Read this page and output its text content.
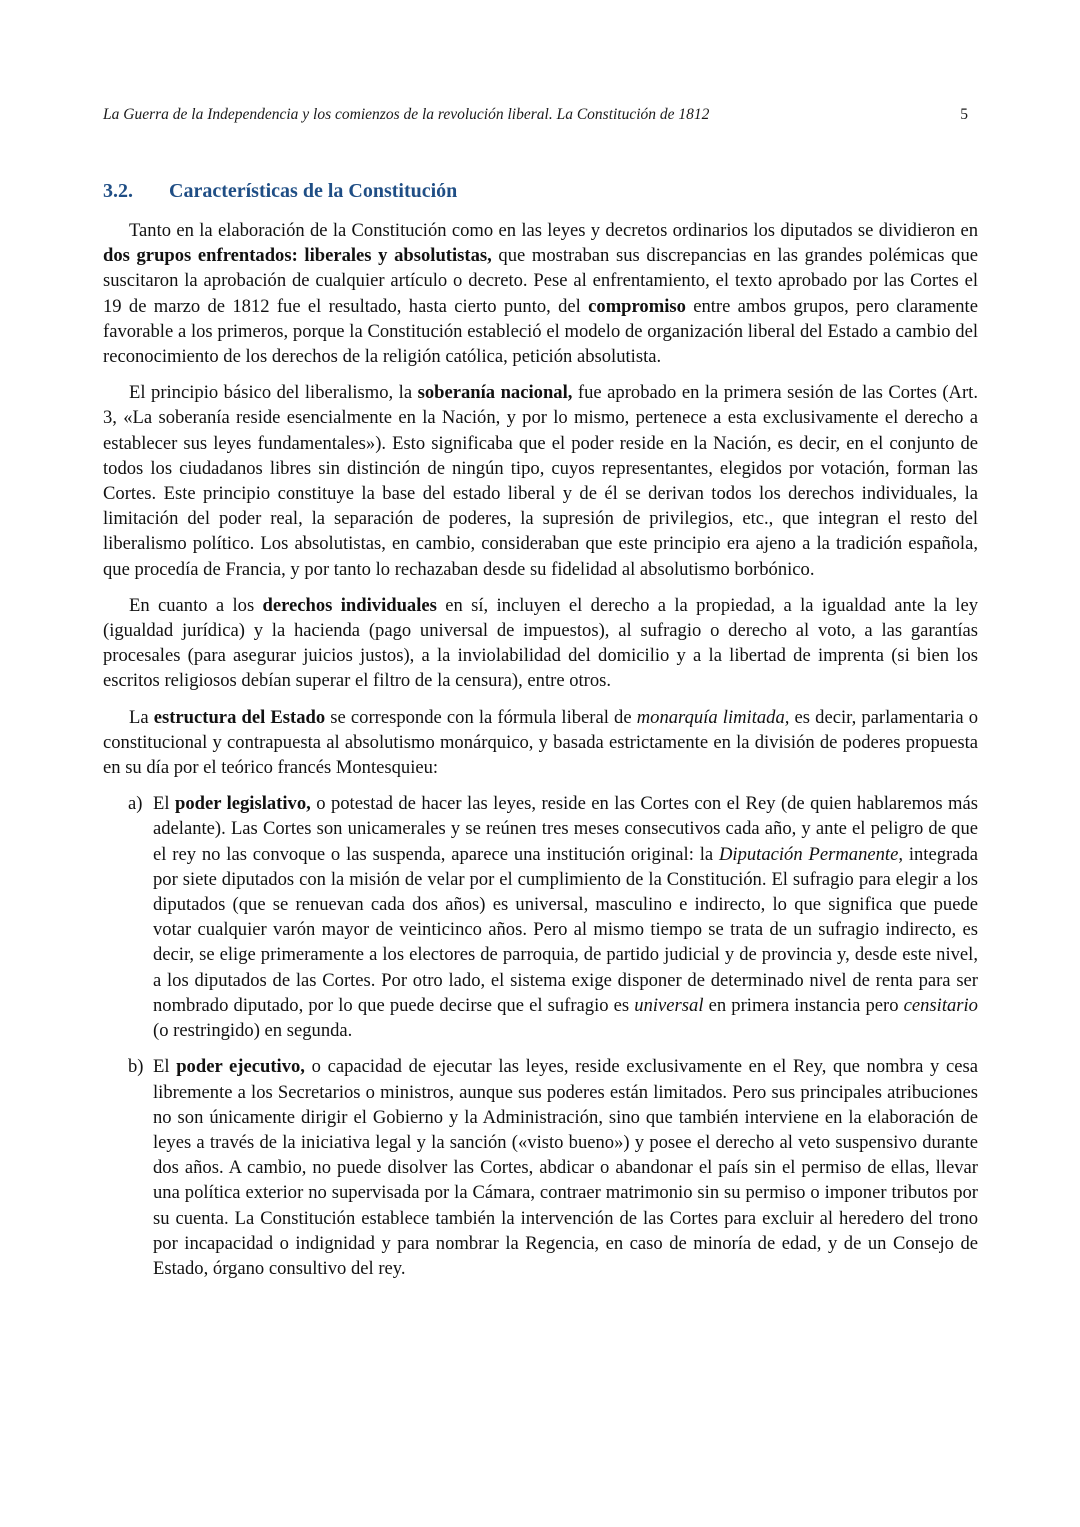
La Guerra de la Independencia y los comienzos de la revolución liberal. La Constitución de 1812	5
3.2.	Características de la Constitución

Tanto en la elaboración de la Constitución como en las leyes y decretos ordinarios los diputados se dividieron en dos grupos enfrentados: liberales y absolutistas, que mostraban sus discrepancias en las grandes polémicas que suscitaron la aprobación de cualquier artículo o decreto. Pese al enfrentamiento, el texto aprobado por las Cortes el 19 de marzo de 1812 fue el resultado, hasta cierto punto, del compromiso entre ambos grupos, pero claramente favorable a los primeros, porque la Constitución estableció el modelo de organización liberal del Estado a cambio del reconocimiento de los derechos de la religión católica, petición absolutista.

El principio básico del liberalismo, la soberanía nacional, fue aprobado en la primera sesión de las Cortes (Art. 3, «La soberanía reside esencialmente en la Nación, y por lo mismo, pertenece a esta exclusivamente el derecho a establecer sus leyes fundamentales»). Esto significaba que el poder reside en la Nación, es decir, en el conjunto de todos los ciudadanos libres sin distinción de ningún tipo, cuyos representantes, elegidos por votación, forman las Cortes. Este principio constituye la base del estado liberal y de él se derivan todos los derechos individuales, la limitación del poder real, la separación de poderes, la supresión de privilegios, etc., que integran el resto del liberalismo político. Los absolutistas, en cambio, consideraban que este principio era ajeno a la tradición española, que procedía de Francia, y por tanto lo rechazaban desde su fidelidad al absolutismo borbónico.

En cuanto a los derechos individuales en sí, incluyen el derecho a la propiedad, a la igualdad ante la ley (igualdad jurídica) y la hacienda (pago universal de impuestos), al sufragio o derecho al voto, a las garantías procesales (para asegurar juicios justos), a la inviolabilidad del domicilio y a la libertad de imprenta (si bien los escritos religiosos debían superar el filtro de la censura), entre otros.

La estructura del Estado se corresponde con la fórmula liberal de monarquía limitada, es decir, parlamentaria o constitucional y contrapuesta al absolutismo monárquico, y basada estrictamente en la división de poderes propuesta en su día por el teórico francés Montesquieu:

a) El poder legislativo, o potestad de hacer las leyes, reside en las Cortes con el Rey (de quien hablaremos más adelante). Las Cortes son unicamerales y se reúnen tres meses consecutivos cada año, y ante el peligro de que el rey no las convoque o las suspenda, aparece una institución original: la Diputación Permanente, integrada por siete diputados con la misión de velar por el cumplimiento de la Constitución. El sufragio para elegir a los diputados (que se renuevan cada dos años) es universal, masculino e indirecto, lo que significa que puede votar cualquier varón mayor de veinticinco años. Pero al mismo tiempo se trata de un sufragio indirecto, es decir, se elige primeramente a los electores de parroquia, de partido judicial y de provincia y, desde este nivel, a los diputados de las Cortes. Por otro lado, el sistema exige disponer de determinado nivel de renta para ser nombrado diputado, por lo que puede decirse que el sufragio es universal en primera instancia pero censitario (o restringido) en segunda.
b) El poder ejecutivo, o capacidad de ejecutar las leyes, reside exclusivamente en el Rey, que nombra y cesa libremente a los Secretarios o ministros, aunque sus poderes están limitados. Pero sus principales atribuciones no son únicamente dirigir el Gobierno y la Administración, sino que también interviene en la elaboración de leyes a través de la iniciativa legal y la sanción («visto bueno») y posee el derecho al veto suspensivo durante dos años. A cambio, no puede disolver las Cortes, abdicar o abandonar el país sin el permiso de ellas, llevar una política exterior no supervisada por la Cámara, contraer matrimonio sin su permiso o imponer tributos por su cuenta. La Constitución establece también la intervención de las Cortes para excluir al heredero del trono por incapacidad o indignidad y para nombrar la Regencia, en caso de minoría de edad, y de un Consejo de Estado, órgano consultivo del rey.
